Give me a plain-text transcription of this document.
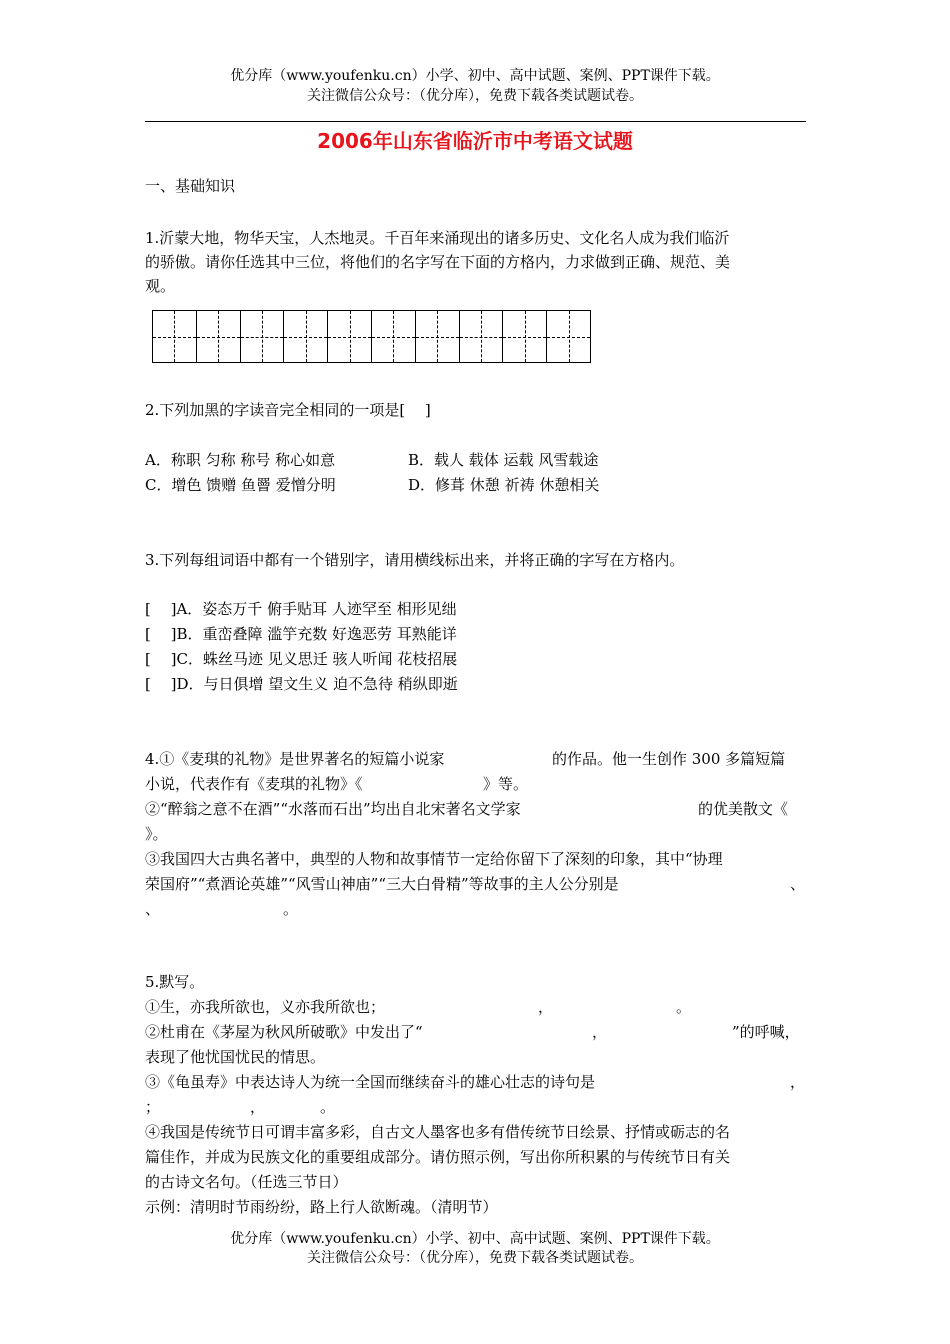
优分库（www.youfenku.cn）小学、初中、高中试题、案例、PPT课件下载。
关注微信公众号：（优分库），免费下载各类试题试卷。
2006年山东省临沂市中考语文试题
一、基础知识
1.沂蒙大地，物华天宝，人杰地灵。千百年来涌现出的诸多历史、文化名人成为我们临沂
的骄傲。请你任选其中三位，将他们的名字写在下面的方格内，力求做到正确、规范、美
观。
2.下列加黑的字读音完全相同的一项是[　 ]
A．称职 匀称 称号 称心如意	B．载人 载体 运载 风雪载途
C．增色 馈赠 鱼罾 爱憎分明	D．修葺 休憩 祈祷 休憩相关
3.下列每组词语中都有一个错别字，请用横线标出来，并将正确的字写在方格内。
[　 ]A．姿态万千 俯手贴耳 人迹罕至 相形见绌
[　 ]B．重峦叠障 滥竽充数 好逸恶劳 耳熟能详
[　 ]C．蛛丝马迹 见义思迁 骇人听闻 花枝招展
[　 ]D．与日俱增 望文生义 迫不急待 稍纵即逝
4.①《麦琪的礼物》是世界著名的短篇小说家	的作品。他一生创作 300 多篇短篇
小说，代表作有《麦琪的礼物》《	》等。
②“醉翁之意不在酒”“水落而石出”均出自北宋著名文学家	的优美散文《
》。
③我国四大古典名著中，典型的人物和故事情节一定给你留下了深刻的印象，其中“协理
荣国府”“煮酒论英雄”“风雪山神庙”“三大白骨精”等故事的主人公分别是	、
、	。
5.默写。
①生，亦我所欲也，义亦我所欲也；	，	。
②杜甫在《茅屋为秋风所破歌》中发出了“	，	”的呼喊，
表现了他忧国忧民的情思。
③《龟虽寿》中表达诗人为统一全国而继续奋斗的雄心壮志的诗句是	，
；	，	。
④我国是传统节日可谓丰富多彩，自古文人墨客也多有借传统节日绘景、抒情或砺志的名
篇佳作，并成为民族文化的重要组成部分。请仿照示例，写出你所积累的与传统节日有关
的古诗文名句。（任选三节日）
示例：清明时节雨纷纷，路上行人欲断魂。（清明节）
优分库（www.youfenku.cn）小学、初中、高中试题、案例、PPT课件下载。
关注微信公众号：（优分库），免费下载各类试题试卷。
